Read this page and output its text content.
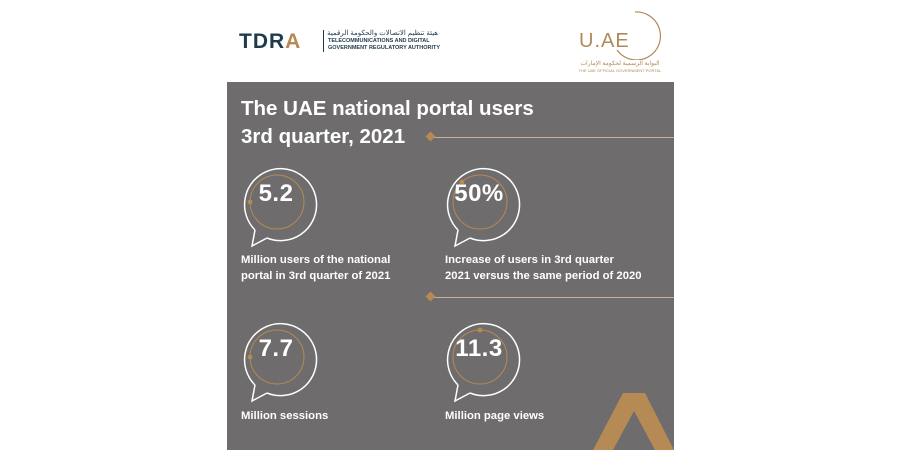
TDRA	هيئة تنظيم الاتصالات والحكومة الرقمية
TELECOMMUNICATIONS AND DIGITAL
GOVERNMENT REGULATORY AUTHORITY	U.AE
البوابة الرسمية لحكومة الإمارات
THE UAE OFFICIAL GOVERNMENT PORTAL
The UAE national portal users
3rd quarter, 2021
5.2
Million users of the national
portal in 3rd quarter of 2021
50%
Increase of users in 3rd quarter
2021 versus the same period of 2020
7.7
Million sessions
11.3
Million page views
